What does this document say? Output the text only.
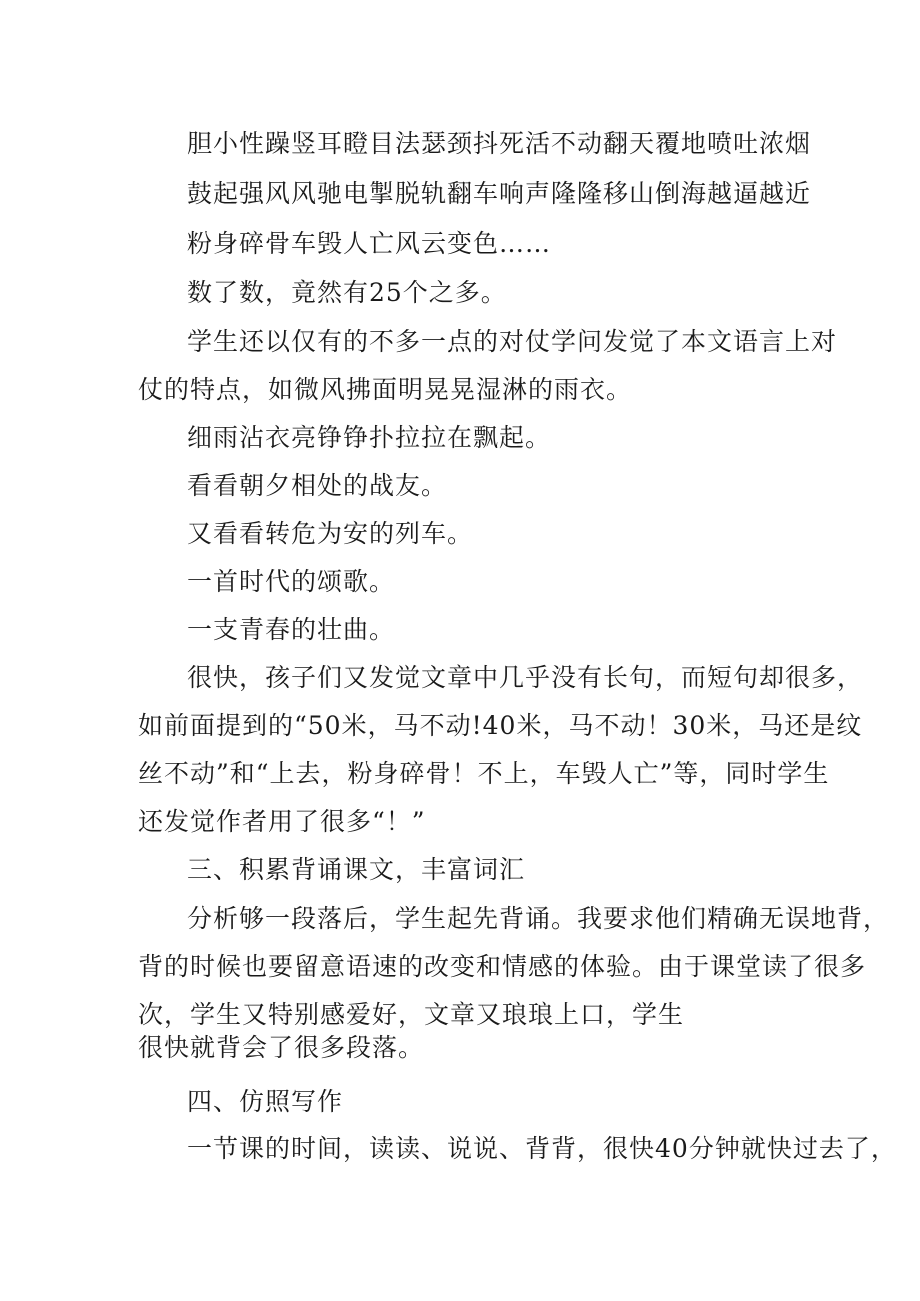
胆小性躁竖耳瞪目法瑟颈抖死活不动翻天覆地喷吐浓烟
鼓起强风风驰电掣脱轨翻车响声隆隆移山倒海越逼越近
粉身碎骨车毁人亡风云变色……
数了数，竟然有25个之多。
学生还以仅有的不多一点的对仗学问发觉了本文语言上对
仗的特点，如微风拂面明晃晃湿淋的雨衣。
细雨沾衣亮铮铮扑拉拉在飘起。
看看朝夕相处的战友。
又看看转危为安的列车。
一首时代的颂歌。
一支青春的壮曲。
很快，孩子们又发觉文章中几乎没有长句，而短句却很多，
如前面提到的“50米，马不动!40米，马不动！30米，马还是纹
丝不动”和“上去，粉身碎骨！不上，车毁人亡”等，同时学生
还发觉作者用了很多“！”
三、积累背诵课文，丰富词汇
分析够一段落后，学生起先背诵。我要求他们精确无误地背，
背的时候也要留意语速的改变和情感的体验。由于课堂读了很多
次，学生又特别感爱好，文章又琅琅上口，学生
很快就背会了很多段落。
四、仿照写作
一节课的时间，读读、说说、背背，很快40分钟就快过去了，
